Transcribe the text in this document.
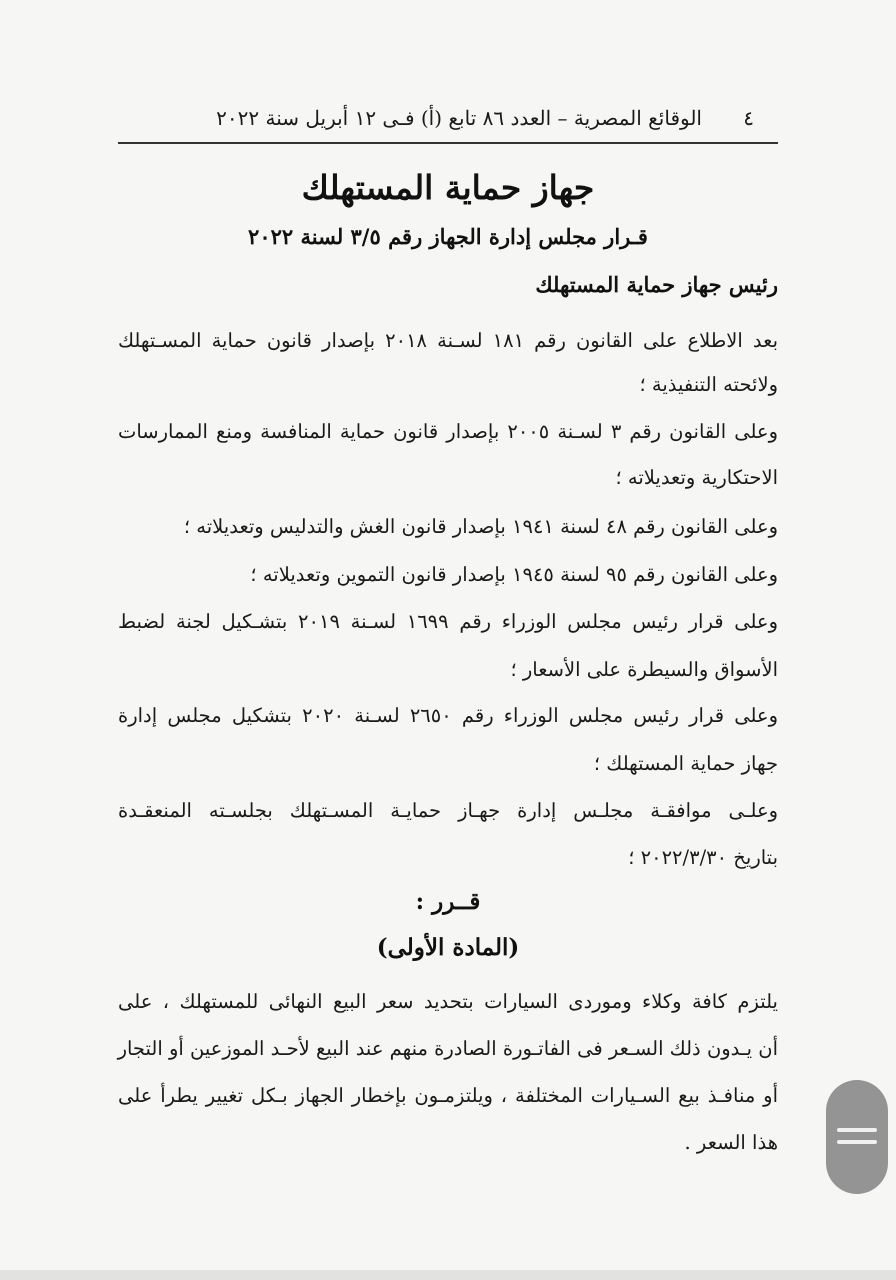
٤
الوقائع المصرية – العدد ٨٦ تابع (أ) فـى ١٢ أبريل سنة ٢٠٢٢
جهاز حماية المستهلك
قـرار مجلس إدارة الجهاز رقم ٣/٥ لسنة ٢٠٢٢
رئيس جهاز حماية المستهلك
بعد الاطلاع على القانون رقم ١٨١ لسـنة ٢٠١٨ بإصدار قانون حماية المسـتهلك
ولائحته التنفيذية ؛
وعلى القانون رقم ٣ لسـنة ٢٠٠٥ بإصدار قانون حماية المنافسة ومنع الممارسات
الاحتكارية وتعديلاته ؛
وعلى القانون رقم ٤٨ لسنة ١٩٤١ بإصدار قانون الغش والتدليس وتعديلاته ؛
وعلى القانون رقم ٩٥ لسنة ١٩٤٥ بإصدار قانون التموين وتعديلاته ؛
وعلى قرار رئيس مجلس الوزراء رقم ١٦٩٩ لسـنة ٢٠١٩ بتشـكيل لجنة لضبط
الأسواق والسيطرة على الأسعار ؛
وعلى قرار رئيس مجلس الوزراء رقم ٢٦٥٠ لسـنة ٢٠٢٠ بتشكيل مجلس إدارة
جهاز حماية المستهلك ؛
وعلـى موافقـة مجلـس إدارة جهـاز حمايـة المسـتهلك بجلسـته المنعقـدة
بتاريخ ٢٠٢٢/٣/٣٠ ؛
قــرر :
(المادة الأولى)
يلتزم كافة وكلاء وموردى السيارات بتحديد سعر البيع النهائى للمستهلك ، على
أن يـدون ذلك السـعر فى الفاتـورة الصادرة منهم عند البيع لأحـد الموزعين أو التجار
أو منافـذ بيع السـيارات المختلفة ، ويلتزمـون بإخطار الجهاز بـكل تغيير يطرأ على
هذا السعر .
